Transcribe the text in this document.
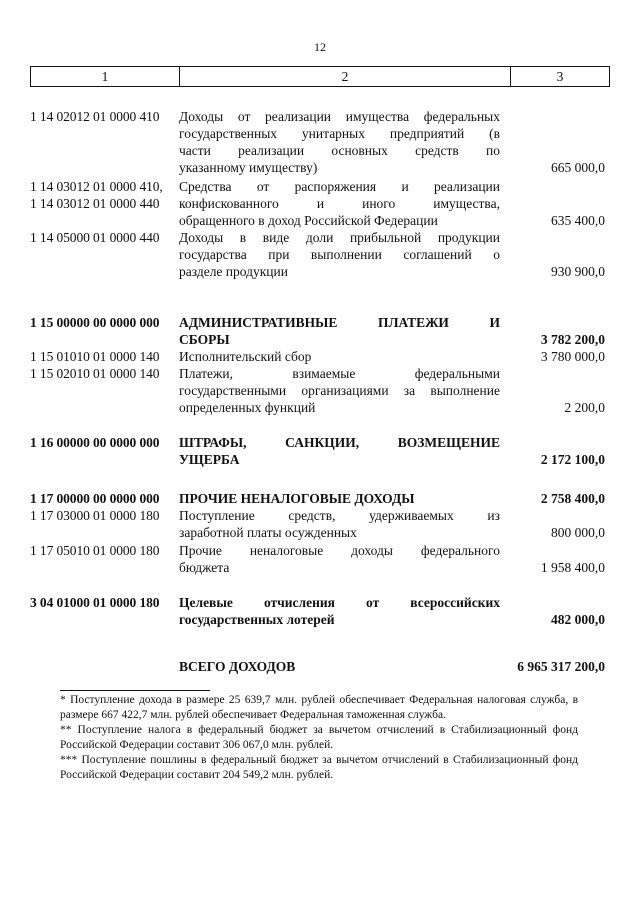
12
1	2	3
1 14 02012 01 0000 410	Доходы от реализации имущества федеральных
государственных унитарных предприятий (в
части реализации основных средств по
указанному имуществу)	665 000,0
1 14 03012 01 0000 410,
1 14 03012 01 0000 440
Средства от распоряжения и реализации
конфискованного и иного имущества,
обращенного в доход Российской Федерации	635 400,0
1 14 05000 01 0000 440	Доходы в виде доли прибыльной продукции
государства при выполнении соглашений о
разделе продукции	930 900,0
1 15 00000 00 0000 000	АДМИНИСТРАТИВНЫЕ ПЛАТЕЖИ И
СБОРЫ	3 782 200,0
1 15 01010 01 0000 140	Исполнительский сбор	3 780 000,0
1 15 02010 01 0000 140	Платежи, взимаемые федеральными
государственными организациями за выполнение
определенных функций	2 200,0
1 16 00000 00 0000 000	ШТРАФЫ, САНКЦИИ, ВОЗМЕЩЕНИЕ
УЩЕРБА	2 172 100,0
1 17 00000 00 0000 000	ПРОЧИЕ НЕНАЛОГОВЫЕ ДОХОДЫ	2 758 400,0
1 17 03000 01 0000 180	Поступление средств, удерживаемых из
заработной платы осужденных	800 000,0
1 17 05010 01 0000 180	Прочие неналоговые доходы федерального
бюджета	1 958 400,0
3 04 01000 01 0000 180	Целевые отчисления от всероссийских
государственных лотерей	482 000,0
ВСЕГО ДОХОДОВ	6 965 317 200,0

* Поступление дохода в размере 25 639,7 млн. рублей обеспечивает Федеральная налоговая служба, в размере 667 422,7 млн. рублей обеспечивает Федеральная таможенная служба.

** Поступление налога в федеральный бюджет за вычетом отчислений в Стабилизационный фонд Российской Федерации составит 306 067,0 млн. рублей.

*** Поступление пошлины в федеральный бюджет за вычетом отчислений в Стабилизационный фонд Российской Федерации составит 204 549,2 млн. рублей.
